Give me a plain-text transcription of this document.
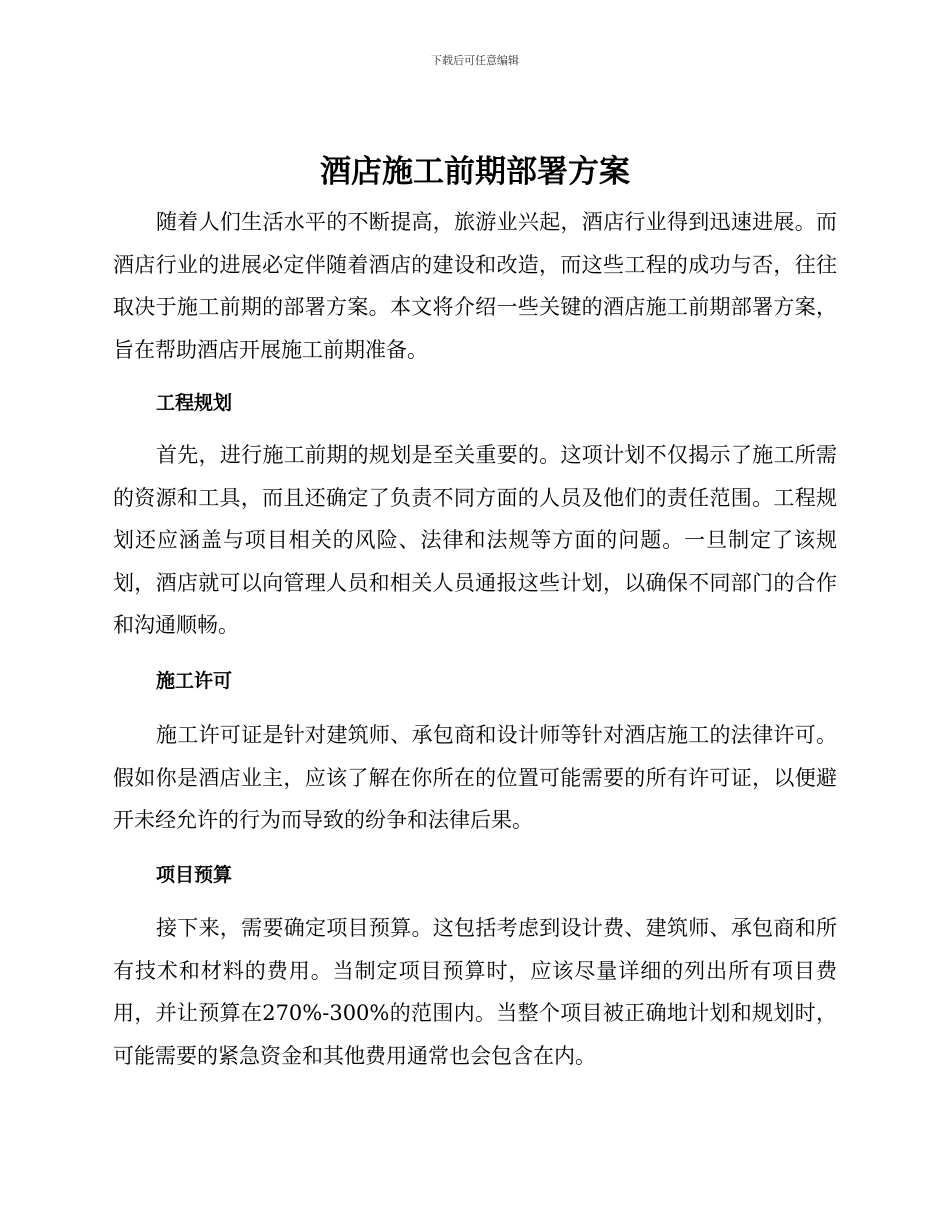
下载后可任意编辑
酒店施工前期部署方案

随着人们生活水平的不断提高，旅游业兴起，酒店行业得到迅速进展。而酒店行业的进展必定伴随着酒店的建设和改造，而这些工程的成功与否，往往取决于施工前期的部署方案。本文将介绍一些关键的酒店施工前期部署方案，旨在帮助酒店开展施工前期准备。

工程规划

首先，进行施工前期的规划是至关重要的。这项计划不仅揭示了施工所需的资源和工具，而且还确定了负责不同方面的人员及他们的责任范围。工程规划还应涵盖与项目相关的风险、法律和法规等方面的问题。一旦制定了该规划，酒店就可以向管理人员和相关人员通报这些计划，以确保不同部门的合作和沟通顺畅。

施工许可

施工许可证是针对建筑师、承包商和设计师等针对酒店施工的法律许可。假如你是酒店业主，应该了解在你所在的位置可能需要的所有许可证，以便避开未经允许的行为而导致的纷争和法律后果。

项目预算

接下来，需要确定项目预算。这包括考虑到设计费、建筑师、承包商和所有技术和材料的费用。当制定项目预算时，应该尽量详细的列出所有项目费用，并让预算在270%-300%的范围内。当整个项目被正确地计划和规划时，可能需要的紧急资金和其他费用通常也会包含在内。
